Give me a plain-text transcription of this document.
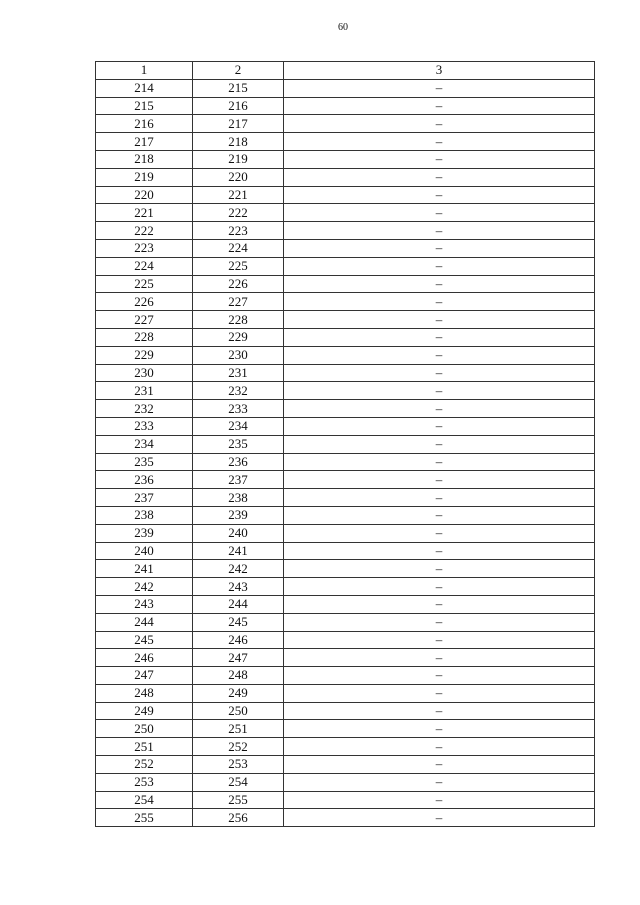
60
1	2	3
214	215	–
215	216	–
216	217	–
217	218	–
218	219	–
219	220	–
220	221	–
221	222	–
222	223	–
223	224	–
224	225	–
225	226	–
226	227	–
227	228	–
228	229	–
229	230	–
230	231	–
231	232	–
232	233	–
233	234	–
234	235	–
235	236	–
236	237	–
237	238	–
238	239	–
239	240	–
240	241	–
241	242	–
242	243	–
243	244	–
244	245	–
245	246	–
246	247	–
247	248	–
248	249	–
249	250	–
250	251	–
251	252	–
252	253	–
253	254	–
254	255	–
255	256	–
